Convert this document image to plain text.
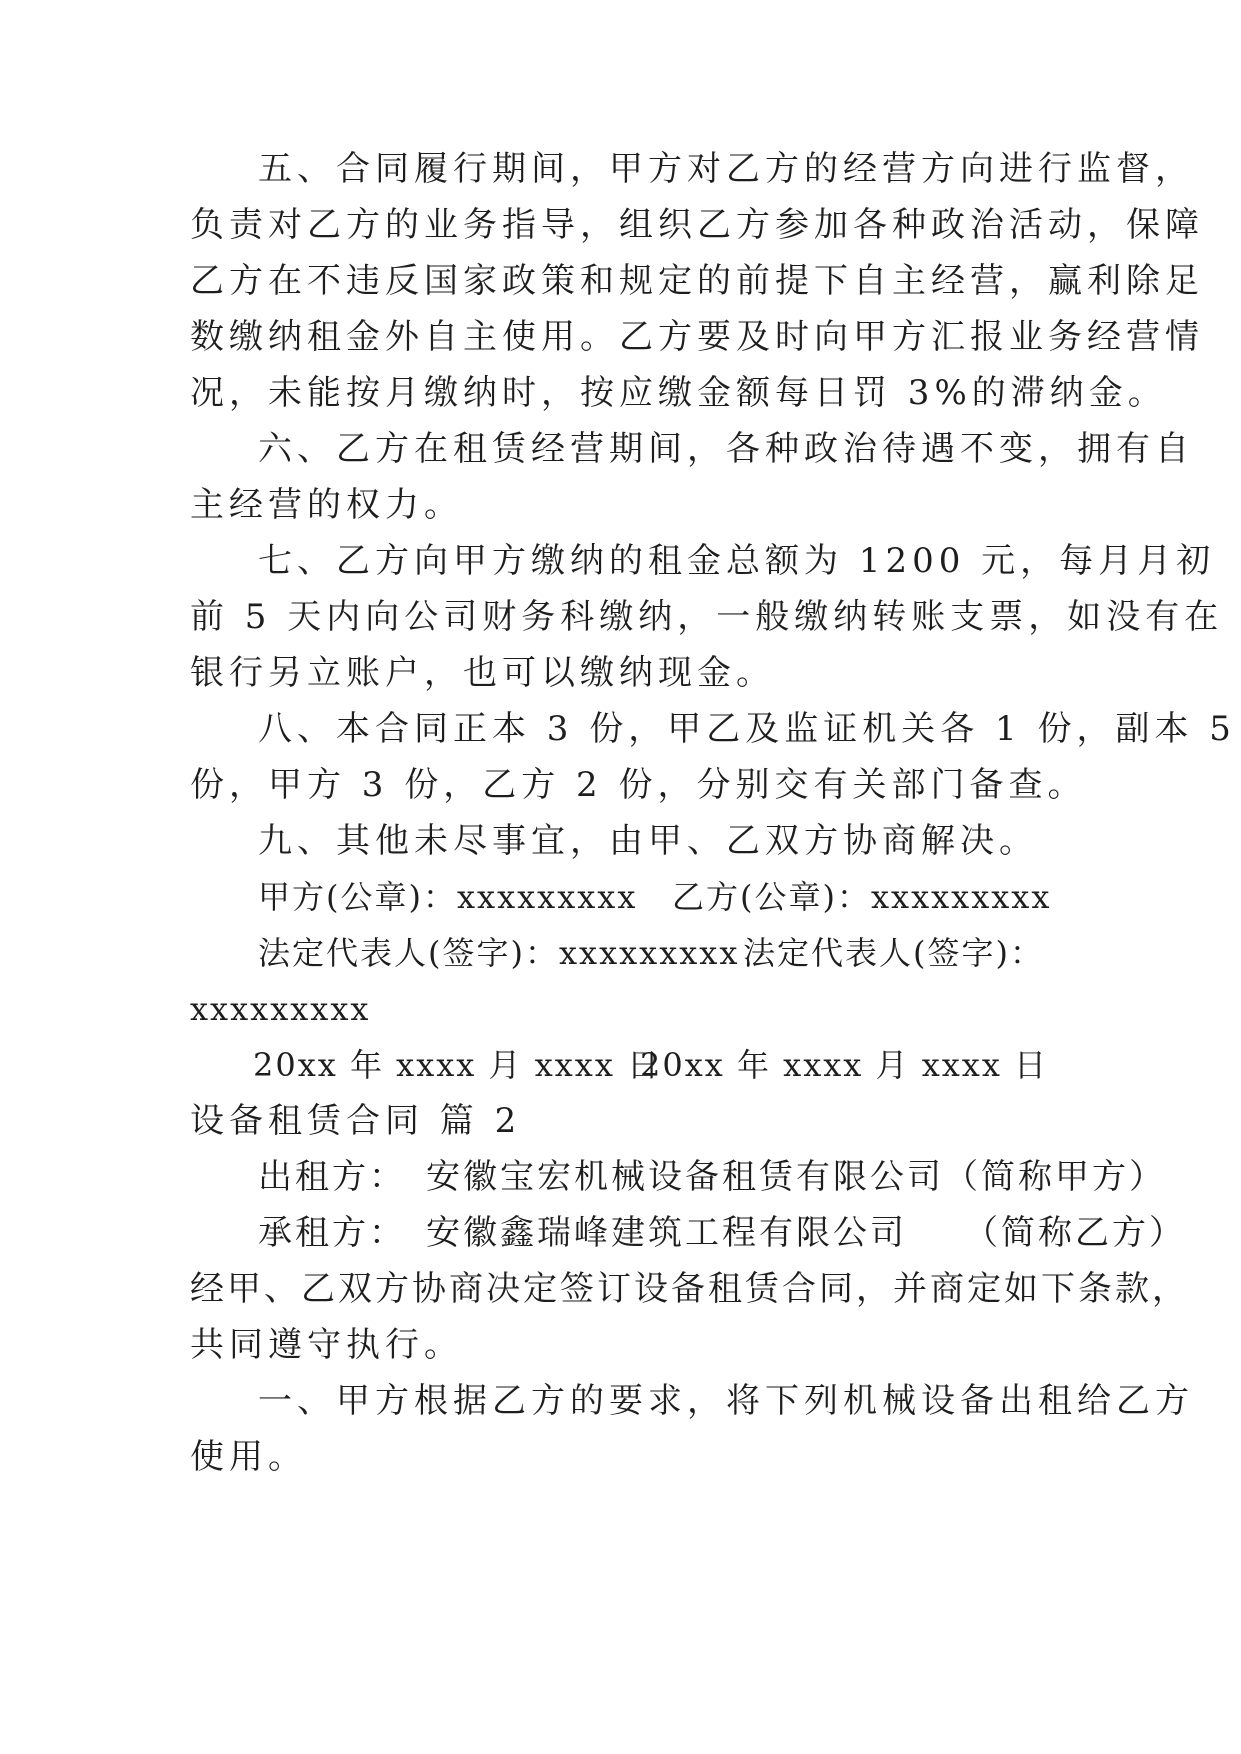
五、合同履行期间，甲方对乙方的经营方向进行监督，
负责对乙方的业务指导，组织乙方参加各种政治活动，保障
乙方在不违反国家政策和规定的前提下自主经营，赢利除足
数缴纳租金外自主使用。乙方要及时向甲方汇报业务经营情
况，未能按月缴纳时，按应缴金额每日罚 3%的滞纳金。
六、乙方在租赁经营期间，各种政治待遇不变，拥有自
主经营的权力。
七、乙方向甲方缴纳的租金总额为 1200 元，每月月初
前 5 天内向公司财务科缴纳，一般缴纳转账支票，如没有在
银行另立账户，也可以缴纳现金。
八、本合同正本 3 份，甲乙及监证机关各 1 份，副本 5
份，甲方 3 份，乙方 2 份，分别交有关部门备查。
九、其他未尽事宜，由甲、乙双方协商解决。
甲方(公章)：xxxxxxxxx 乙方(公章)：xxxxxxxxx
法定代表人(签字)：xxxxxxxxx 法定代表人(签字)：
xxxxxxxxx
20xx 年 xxxx 月 xxxx 日
20xx 年 xxxx 月 xxxx 日
设备租赁合同 篇 2
出租方：　安徽宝宏机械设备租赁有限公司（简称甲方）
承租方：　安徽鑫瑞峰建筑工程有限公司　　（简称乙方）
经甲、乙双方协商决定签订设备租赁合同，并商定如下条款，
共同遵守执行。
一、甲方根据乙方的要求，将下列机械设备出租给乙方
使用。
